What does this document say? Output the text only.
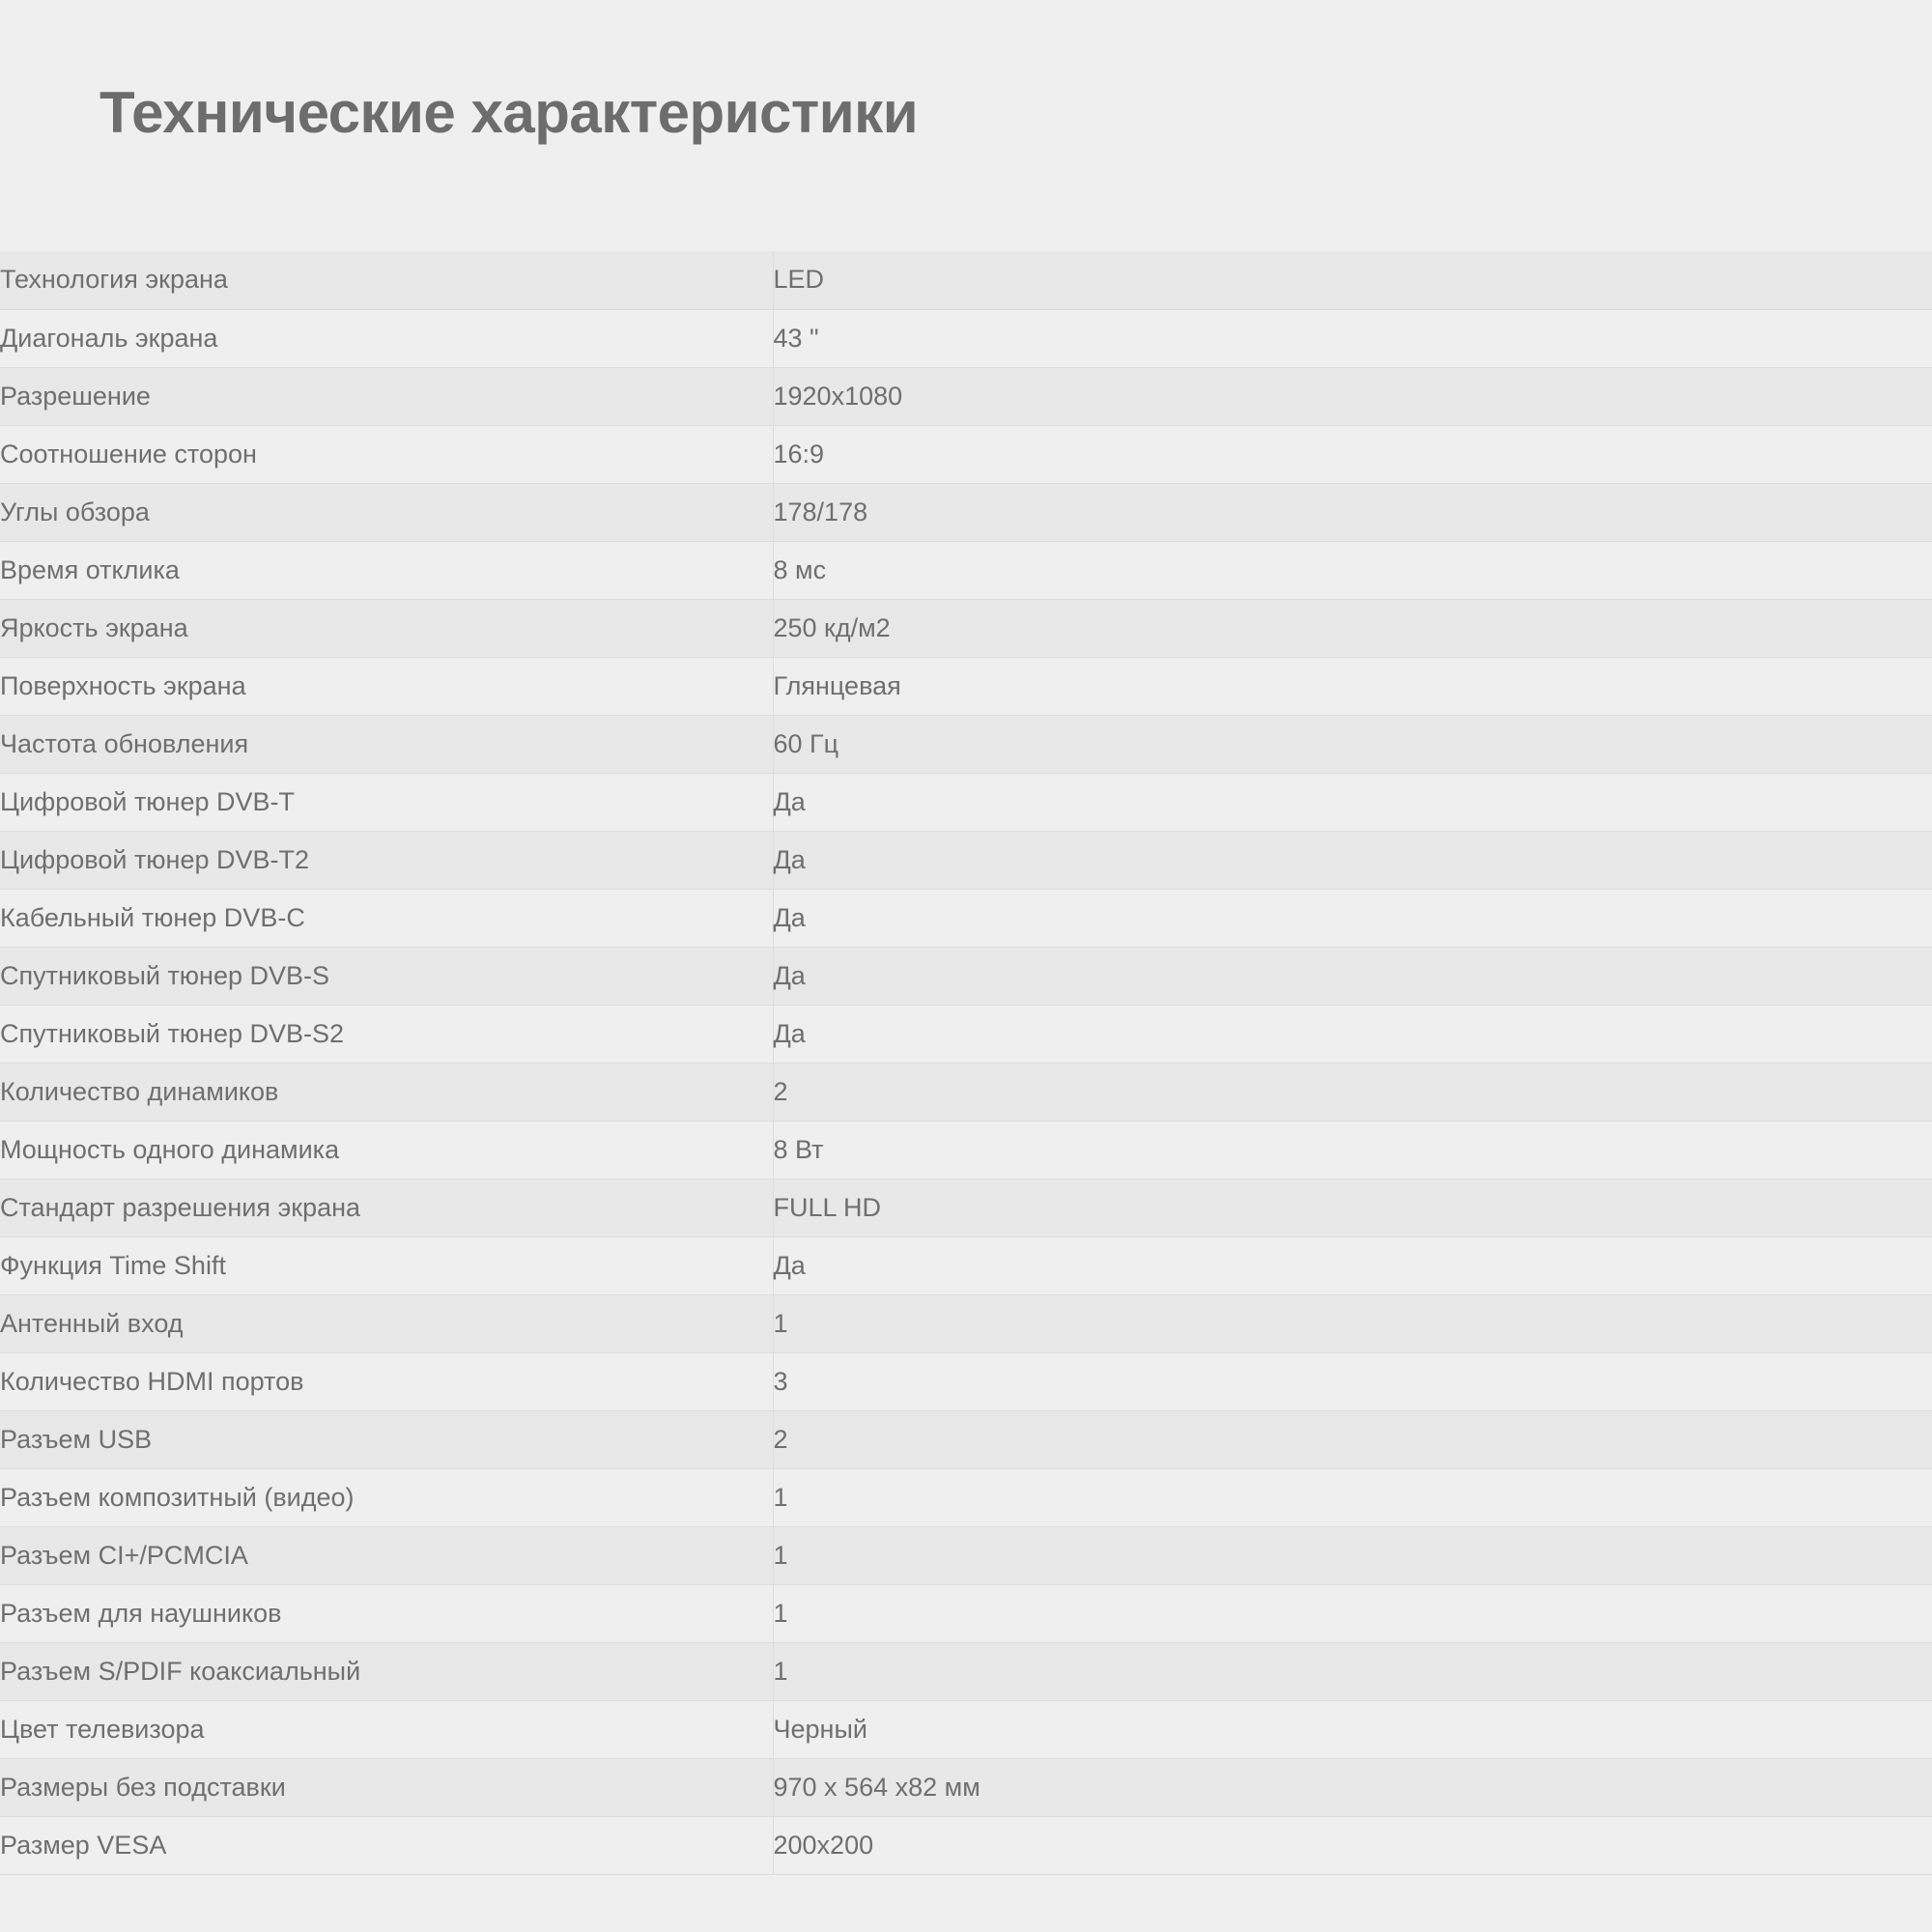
Технические характеристики
Технология экрана	LED
Диагональ экрана	43 "
Разрешение	1920x1080
Соотношение сторон	16:9
Углы обзора	178/178
Время отклика	8 мс
Яркость экрана	250 кд/м2
Поверхность экрана	Глянцевая
Частота обновления	60 Гц
Цифровой тюнер DVB-T	Да
Цифровой тюнер DVB-T2	Да
Кабельный тюнер DVB-C	Да
Спутниковый тюнер DVB-S	Да
Спутниковый тюнер DVB-S2	Да
Количество динамиков	2
Мощность одного динамика	8 Вт
Стандарт разрешения экрана	FULL HD
Функция Time Shift	Да
Антенный вход	1
Количество HDMI портов	3
Разъем USB	2
Разъем композитный (видео)	1
Разъем CI+/PCMCIA	1
Разъем для наушников	1
Разъем S/PDIF коаксиальный	1
Цвет телевизора	Черный
Размеры без подставки	970 x 564 x82 мм
Размер VESA	200x200
